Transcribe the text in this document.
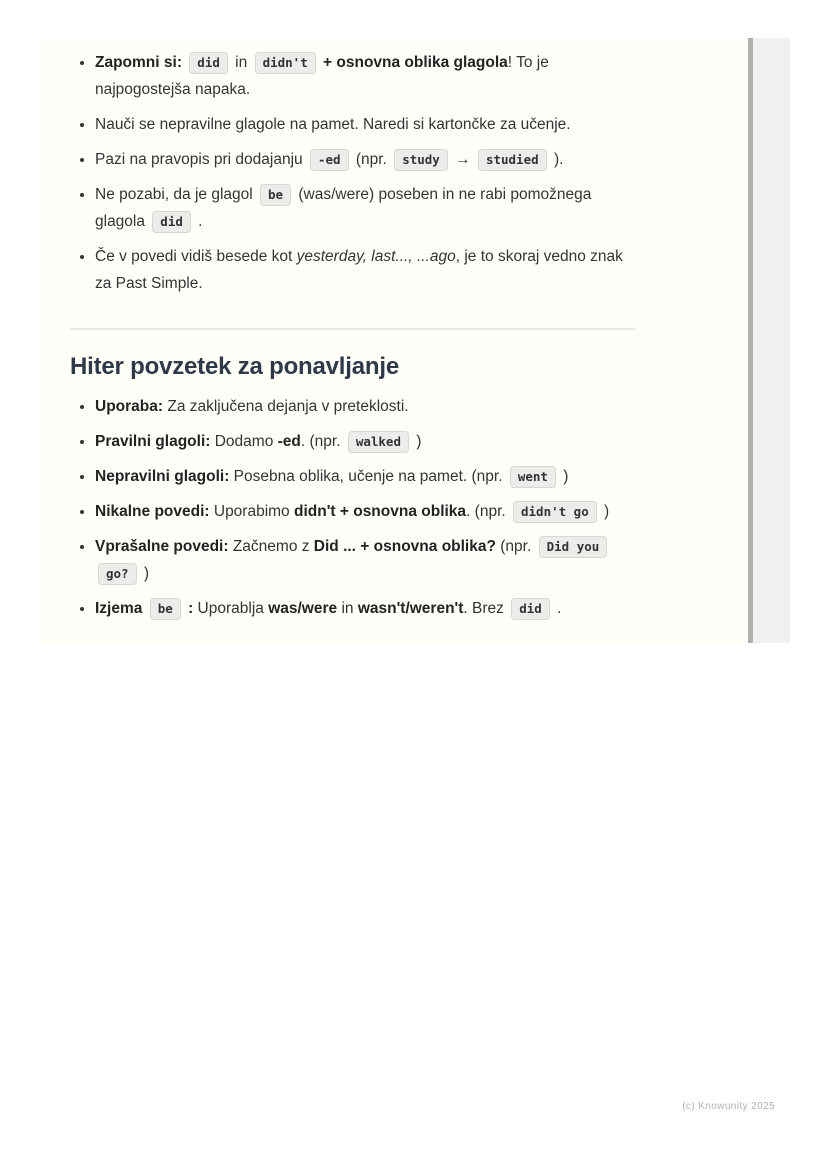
• Zapomni si: did in didn't + osnovna oblika glagola! To je najpogostejša napaka.
• Nauči se nepravilne glagole na pamet. Naredi si kartončke za učenje.
• Pazi na pravopis pri dodajanju -ed (npr. study → studied ).
• Ne pozabi, da je glagol be (was/were) poseben in ne rabi pomožnega glagola did .
• Če v povedi vidiš besede kot yesterday, last..., ...ago, je to skoraj vedno znak za Past Simple.
Hiter povzetek za ponavljanje
• Uporaba: Za zaključena dejanja v preteklosti.
• Pravilni glagoli: Dodamo -ed. (npr. walked )
• Nepravilni glagoli: Posebna oblika, učenje na pamet. (npr. went )
• Nikalne povedi: Uporabimo didn't + osnovna oblika. (npr. didn't go )
• Vprašalne povedi: Začnemo z Did ... + osnovna oblika? (npr. Did you go? )
• Izjema be : Uporablja was/were in wasn't/weren't. Brez did .
(c) Knowunity 2025
